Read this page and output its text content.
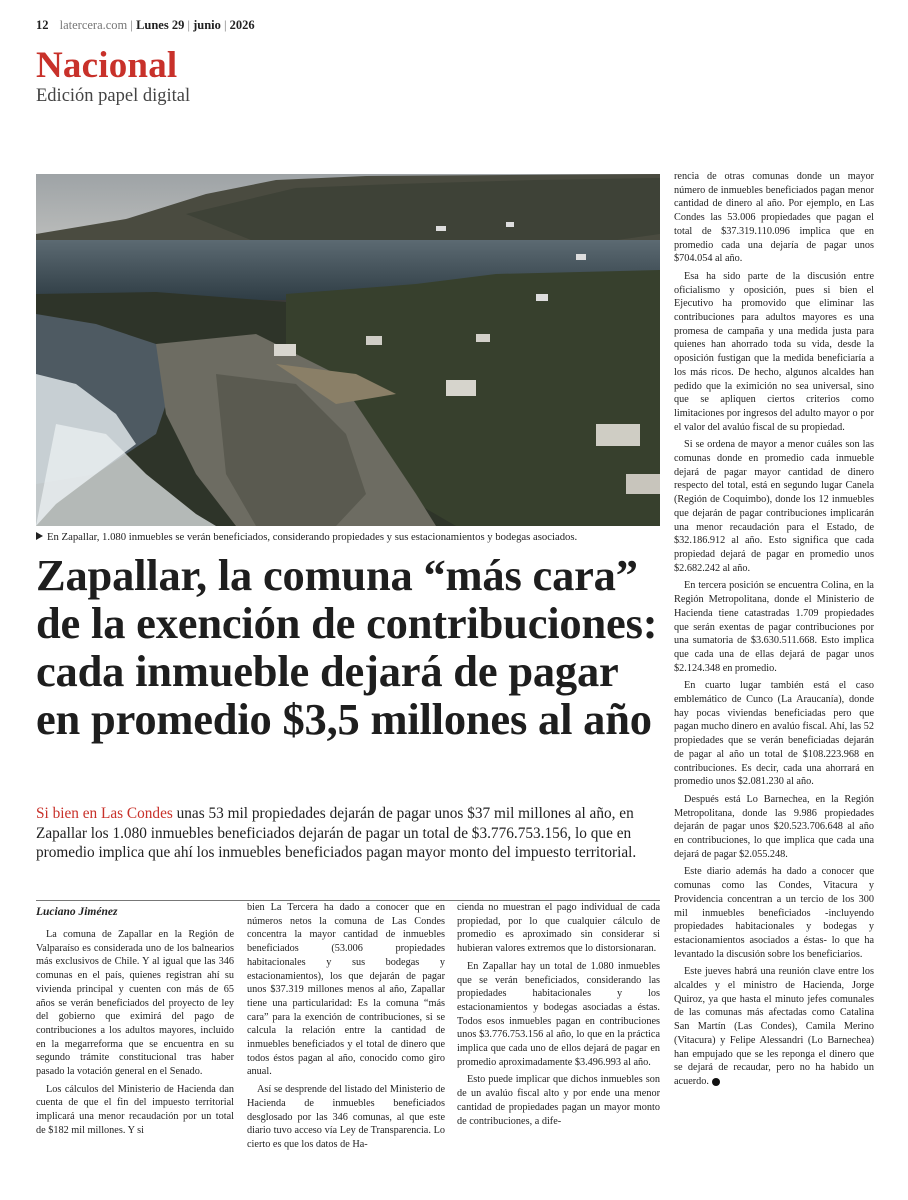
12 latercera.com | Lunes 29 | junio | 2026
Nacional
Edición papel digital
En Zapallar, 1.080 inmuebles se verán beneficiados, considerando propiedades y sus estacionamientos y bodegas asociados.
Zapallar, la comuna “más cara” de la exención de contribuciones: cada inmueble dejará de pagar en promedio $3,5 millones al año

Si bien en Las Condes unas 53 mil propiedades dejarán de pagar unos $37 mil millones al año, en Zapallar los 1.080 inmuebles beneficiados dejarán de pagar un total de $3.776.753.156, lo que en promedio implica que ahí los inmuebles beneficiados pagan mayor monto del impuesto territorial.

Luciano Jiménez

La comuna de Zapallar en la Región de Valparaíso es considerada uno de los balnearios más exclusivos de Chile. Y al igual que las 346 comunas en el país, quienes registran ahí su vivienda principal y cuenten con más de 65 años se verán beneficiados del proyecto de ley del gobierno que eximirá del pago de contribuciones a los adultos mayores, incluido en la megarreforma que se encuentra en su segundo trámite constitucional tras haber pasado la votación general en el Senado.

Los cálculos del Ministerio de Hacienda dan cuenta de que el fin del impuesto territorial implicará una menor recaudación por un total de $182 mil millones. Y si

bien La Tercera ha dado a conocer que en números netos la comuna de Las Condes concentra la mayor cantidad de inmuebles beneficiados (53.006 propiedades habitacionales y sus bodegas y estacionamientos), los que dejarán de pagar unos $37.319 millones menos al año, Zapallar tiene una particularidad: Es la comuna “más cara” para la exención de contribuciones, si se calcula la relación entre la cantidad de inmuebles beneficiados y el total de dinero que todos éstos pagan al año, conocido como giro anual.

Así se desprende del listado del Ministerio de Hacienda de inmuebles beneficiados desglosado por las 346 comunas, al que este diario tuvo acceso vía Ley de Transparencia. Lo cierto es que los datos de Ha-

cienda no muestran el pago individual de cada propiedad, por lo que cualquier cálculo de promedio es aproximado sin considerar si hubieran valores extremos que lo distorsionaran.

En Zapallar hay un total de 1.080 inmuebles que se verán beneficiados, considerando las propiedades habitacionales y los estacionamientos y bodegas asociadas a éstas. Todos esos inmuebles pagan en contribuciones unos $3.776.753.156 al año, lo que en la práctica implica que cada uno de ellos dejará de pagar en promedio aproximadamente $3.496.993 al año.

Esto puede implicar que dichos inmuebles son de un avalúo fiscal alto y por ende una menor cantidad de propiedades pagan un mayor monto de contribuciones, a dife-

rencia de otras comunas donde un mayor número de inmuebles beneficiados pagan menor cantidad de dinero al año. Por ejemplo, en Las Condes las 53.006 propiedades que pagan el total de $37.319.110.096 implica que en promedio cada una dejaría de pagar unos $704.054 al año.

Esa ha sido parte de la discusión entre oficialismo y oposición, pues si bien el Ejecutivo ha promovido que eliminar las contribuciones para adultos mayores es una promesa de campaña y una medida justa para quienes han ahorrado toda su vida, desde la oposición fustigan que la medida beneficiaría a los más ricos. De hecho, algunos alcaldes han pedido que la eximición no sea universal, sino que se apliquen ciertos criterios como limitaciones por ingresos del adulto mayor o por el valor del avalúo fiscal de su propiedad.

Si se ordena de mayor a menor cuáles son las comunas donde en promedio cada inmueble dejará de pagar mayor cantidad de dinero respecto del total, está en segundo lugar Canela (Región de Coquimbo), donde los 12 inmuebles que dejarán de pagar contribuciones implicarán una menor recaudación para el Estado, de $32.186.912 al año. Esto significa que cada propiedad dejará de pagar en promedio unos $2.682.242 al año.

En tercera posición se encuentra Colina, en la Región Metropolitana, donde el Ministerio de Hacienda tiene catastradas 1.709 propiedades que serán exentas de pagar contribuciones por una sumatoria de $3.630.511.668. Esto implica que cada una de ellas dejará de pagar unos $2.124.348 en promedio.

En cuarto lugar también está el caso emblemático de Cunco (La Araucanía), donde hay pocas viviendas beneficiadas pero que pagan mucho dinero en avalúo fiscal. Ahí, las 52 propiedades que se verán beneficiadas dejarán de pagar al año un total de $108.223.968 en contribuciones. Es decir, cada una ahorrará en promedio unos $2.081.230 al año.

Después está Lo Barnechea, en la Región Metropolitana, donde las 9.986 propiedades dejarán de pagar unos $20.523.706.648 al año en contribuciones, lo que implica que cada una dejará de pagar $2.055.248.

Este diario además ha dado a conocer que comunas como las Condes, Vitacura y Providencia concentran a un tercio de los 300 mil inmuebles beneficiados -incluyendo propiedades habitacionales y bodegas y estacionamientos asociados a éstas- lo que ha levantado la discusión sobre los beneficiarios.

Este jueves habrá una reunión clave entre los alcaldes y el ministro de Hacienda, Jorge Quiroz, ya que hasta el minuto jefes comunales de las comunas más afectadas como Catalina San Martín (Las Condes), Camila Merino (Vitacura) y Felipe Alessandri (Lo Barnechea) han empujado que se les reponga el dinero que se dejará de recaudar, pero no ha habido un acuerdo.
